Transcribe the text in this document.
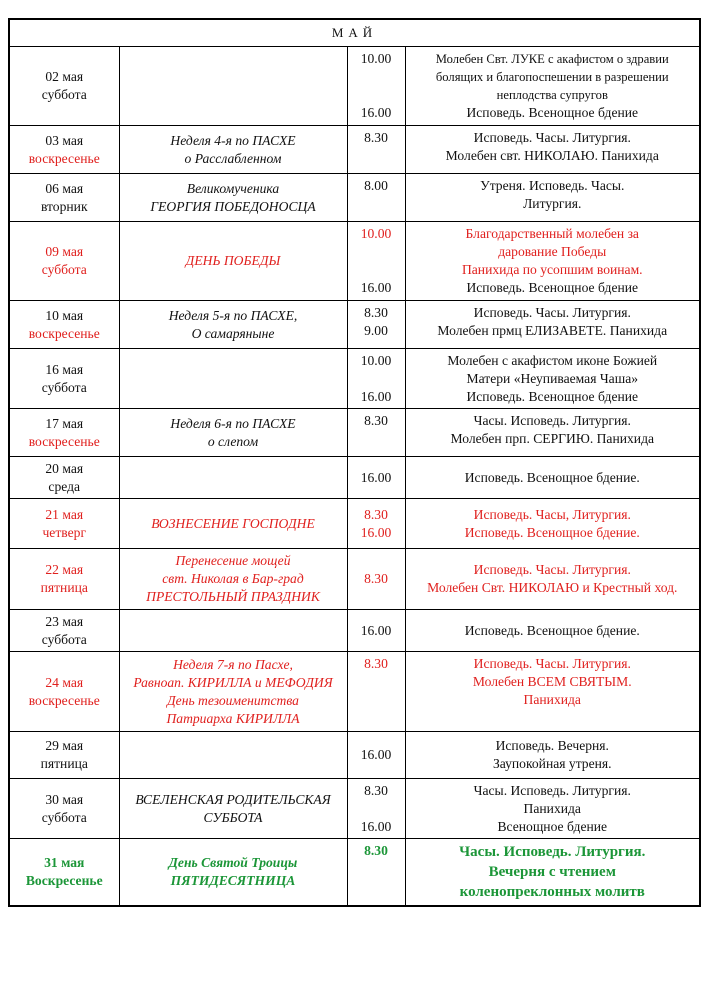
МАЙ			

02 мая
суббота		10.00
16.00	Молебен Свт. ЛУКЕ с акафистом о здравии
болящих и благопоспешении в разрешении
неплодства супругов
Исповедь. Всенощное бдение

03 мая
воскресенье	Неделя 4-я по ПАСХЕ
о Расслабленном	8.30	Исповедь. Часы. Литургия.
Молебен свт. НИКОЛАЮ. Панихида

06 мая
вторник	Великомученика
ГЕОРГИЯ ПОБЕДОНОСЦА	8.00	Утреня. Исповедь. Часы.
Литургия.

09 мая
суббота	ДЕНЬ ПОБЕДЫ	10.00
16.00	Благодарственный молебен за
дарование Победы
Панихида по усопшим воинам.
Исповедь. Всенощное бдение

10 мая
воскресенье	Неделя 5-я по ПАСХЕ,
О самаряныне	8.30
9.00	Исповедь. Часы. Литургия.
Молебен прмц ЕЛИЗАВЕТЕ. Панихида

16 мая
суббота		10.00
16.00	Молебен с акафистом иконе Божией
Матери «Неупиваемая Чаша»
Исповедь. Всенощное бдение

17 мая
воскресенье	Неделя 6-я по ПАСХЕ
о слепом	8.30	Часы. Исповедь. Литургия.
Молебен прп. СЕРГИЮ. Панихида

20 мая
среда		16.00	Исповедь. Всенощное бдение.

21 мая
четверг	ВОЗНЕСЕНИЕ ГОСПОДНЕ	8.30
16.00	Исповедь. Часы, Литургия.
Исповедь. Всенощное бдение.

22 мая
пятница	Перенесение мощей
свт. Николая в Бар-град
ПРЕСТОЛЬНЫЙ ПРАЗДНИК	8.30	Исповедь. Часы. Литургия.
Молебен Свт. НИКОЛАЮ и Крестный ход.

23 мая
суббота		16.00	Исповедь. Всенощное бдение.

24 мая
воскресенье	Неделя 7-я по Пасхе,
Равноап. КИРИЛЛА и МЕФОДИЯ
День тезоименитства
Патриарха КИРИЛЛА	8.30	Исповедь. Часы. Литургия.
Молебен ВСЕМ СВЯТЫМ.
Панихида

29 мая
пятница		16.00	Исповедь. Вечерня.
Заупокойная утреня.

30 мая
суббота	ВСЕЛЕНСКАЯ РОДИТЕЛЬСКАЯ
СУББОТА	8.30
16.00	Часы. Исповедь. Литургия.
Панихида
Всенощное бдение

31 мая
Воскресенье	День Святой Троицы
ПЯТИДЕСЯТНИЦА	8.30	Часы. Исповедь. Литургия.
Вечерня с чтением
коленопреклонных молитв
